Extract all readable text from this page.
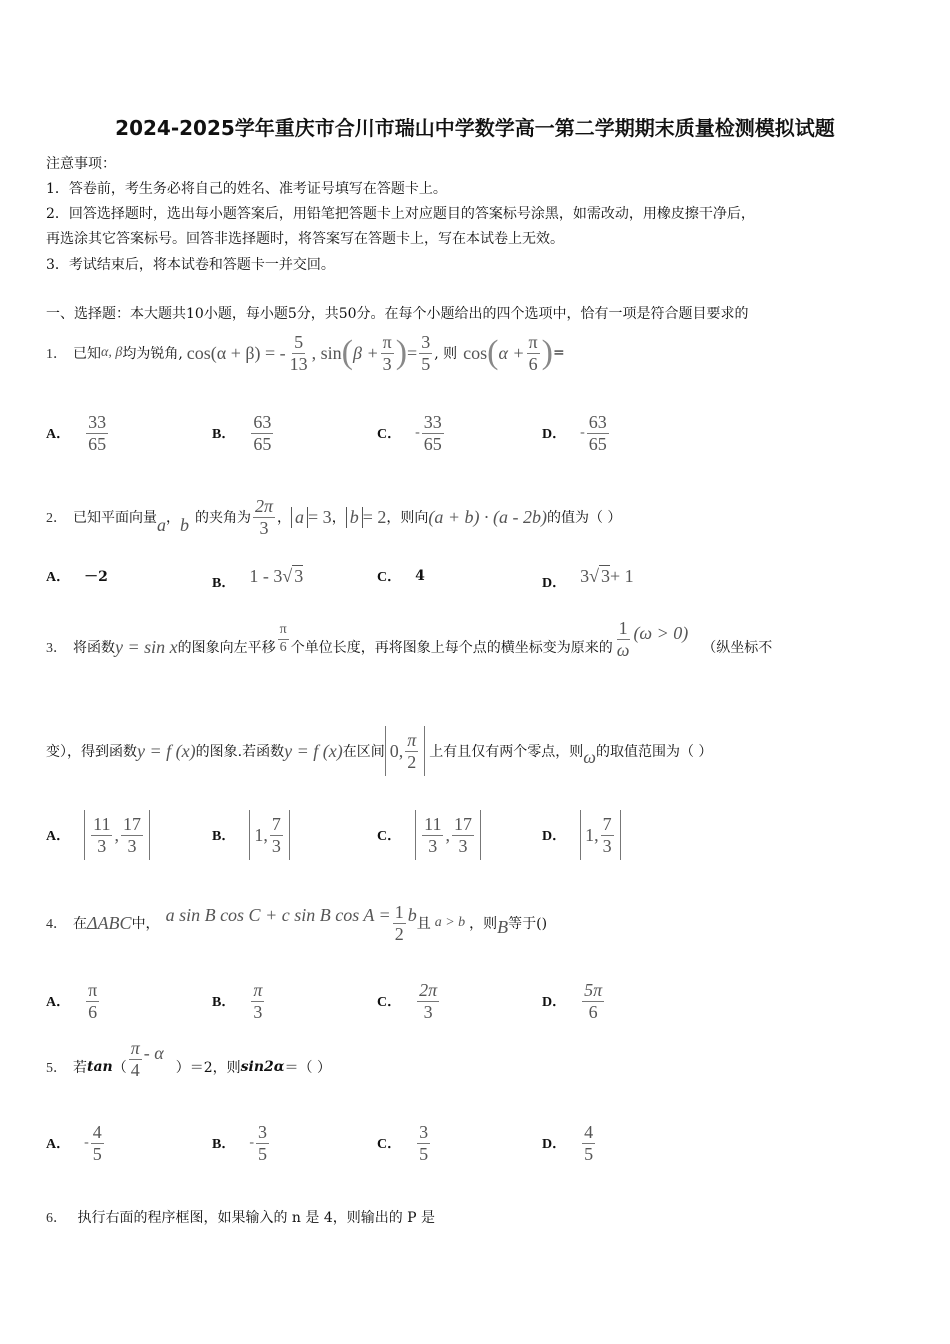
2024-2025学年重庆市合川市瑞山中学数学高一第二学期期末质量检测模拟试题
注意事项：
1．答卷前，考生务必将自己的姓名、准考证号填写在答题卡上。
2．回答选择题时，选出每小题答案后，用铅笔把答题卡上对应题目的答案标号涂黑，如需改动，用橡皮擦干净后，
再选涂其它答案标号。回答非选择题时，将答案写在答题卡上，写在本试卷上无效。
3．考试结束后，将本试卷和答题卡一并交回。
一、选择题：本大题共10小题，每小题5分，共50分。在每个小题给出的四个选项中，恰有一项是符合题目要求的
1． 已知 α, β 均为锐角, cos(α + β) = - $\frac{5}{13}$ , sin ( $\beta + \frac{\pi}{3}$ ) = $\frac{3}{5}$ , 则 cos ( $\alpha + \frac{\pi}{6}$ ) =
A． $\frac{33}{65}$	B． $\frac{63}{65}$	C． - $\frac{33}{65}$	D． - $\frac{63}{65}$
2． 已知平面向量 a ， b 的夹角为 $\frac{2\pi}{3}$ ， a = 3 ， b = 2 ，则向 (a + b) · (a - 2b) 的值为（ ）
A． －2	B． 1 - 3 √ 3	C． 4	D． 3 √ 3 + 1
3． 将函数 y = sin x 的图象向左平移 $\frac{\pi}{6}$ 个单位长度，再将图象上每个点的横坐标变为原来的 $\frac{1}{\omega} (\omega > 0)$
（纵坐标不
变），得到函数 y = f (x) 的图象.若函数 y = f (x) 在区间 0, $\frac{\pi}{2}$ 上有且仅有两个零点，则 ω 的取值范围为（ ）
A． $\frac{11}{3}$ , $\frac{17}{3}$	B． 1, $\frac{7}{3}$	C． $\frac{11}{3}$ , $\frac{17}{3}$	D． 1, $\frac{7}{3}$
4． 在 ΔABC 中， a sin B cos C + c sin B $\cos A = \frac{1}{2}$ b 且 a > b ，则 B 等于()
A． $\frac{\pi}{6}$	B． $\frac{\pi}{3}$	C． $\frac{2\pi}{3}$	D． $\frac{5\pi}{6}$
5． 若 tan （ $\frac{\pi}{4}$ - α
）＝2，则 sin2α ＝（ ）
A． - $\frac{4}{5}$	B． - $\frac{3}{5}$	C． $\frac{3}{5}$	D． $\frac{4}{5}$
6． 执行右面的程序框图，如果输入的 n 是 4，则输出的 P 是
